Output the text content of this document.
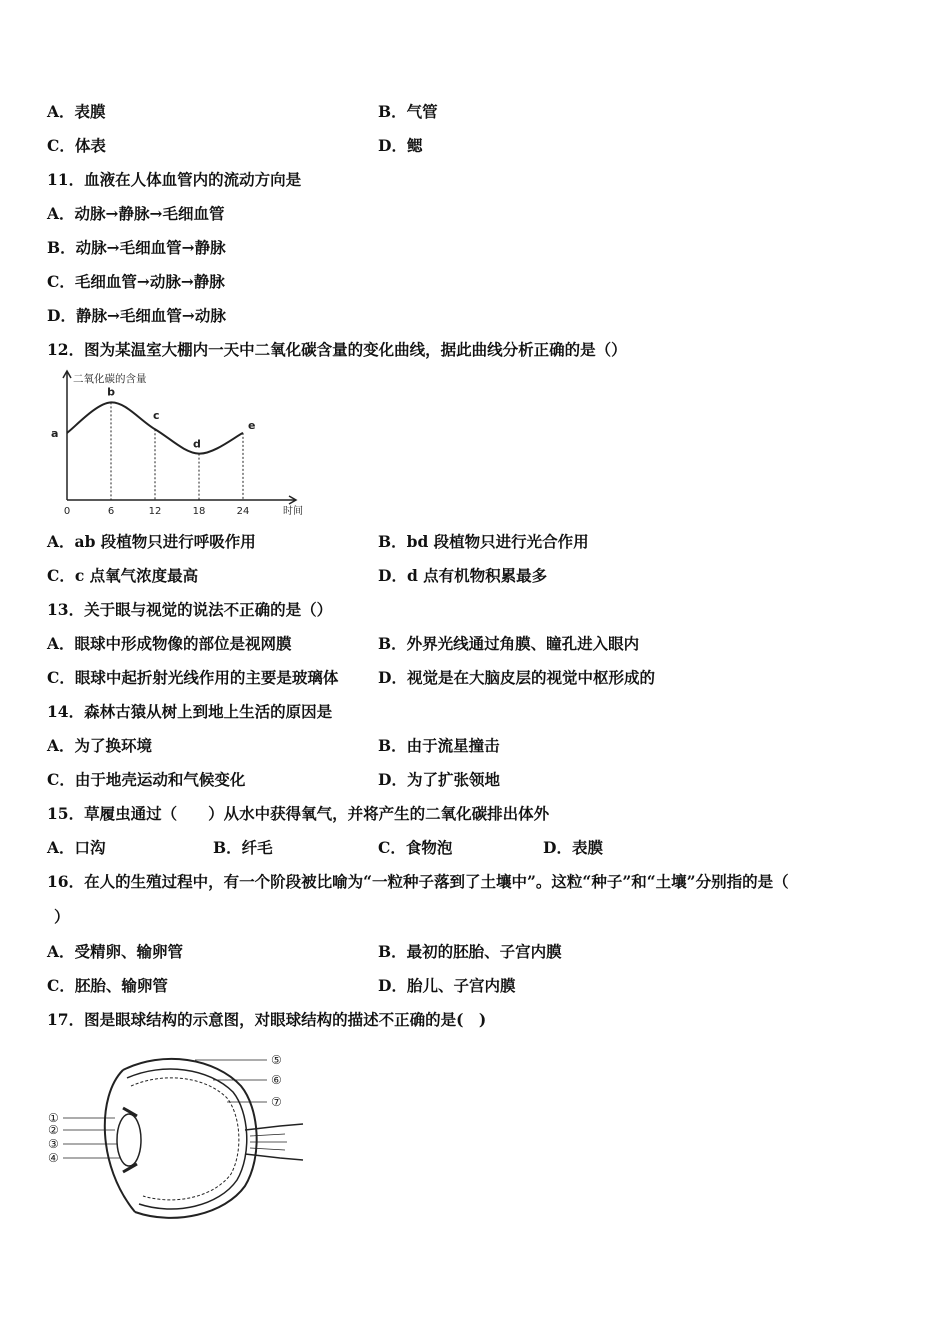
A．表膜	B．气管
C．体表	D．鳃
11．血液在人体血管内的流动方向是
A．动脉→静脉→毛细血管
B．动脉→毛细血管→静脉
C．毛细血管→动脉→静脉
D．静脉→毛细血管→动脉
12．图为某温室大棚内一天中二氧化碳含量的变化曲线，据此曲线分析正确的是（）
二氧化碳的含量
时间
0	6	12	18	24
a
b
c
d
e
A．ab 段植物只进行呼吸作用	B．bd 段植物只进行光合作用
C．c 点氧气浓度最高	D．d 点有机物积累最多
13．关于眼与视觉的说法不正确的是（）
A．眼球中形成物像的部位是视网膜	B．外界光线通过角膜、瞳孔进入眼内
C．眼球中起折射光线作用的主要是玻璃体	D．视觉是在大脑皮层的视觉中枢形成的
14．森林古猿从树上到地上生活的原因是
A．为了换环境	B．由于流星撞击
C．由于地壳运动和气候变化	D．为了扩张领地
15．草履虫通过（　　）从水中获得氧气，并将产生的二氧化碳排出体外
A．口沟	B．纤毛	C．食物泡	D．表膜
16．在人的生殖过程中，有一个阶段被比喻为“一粒种子落到了土壤中”。这粒“种子”和“土壤”分别指的是（
）
A．受精卵、输卵管	B．最初的胚胎、子宫内膜
C．胚胎、输卵管	D．胎儿、子宫内膜
17．图是眼球结构的示意图，对眼球结构的描述不正确的是(　)
①
②
③
④
⑤
⑥
⑦
